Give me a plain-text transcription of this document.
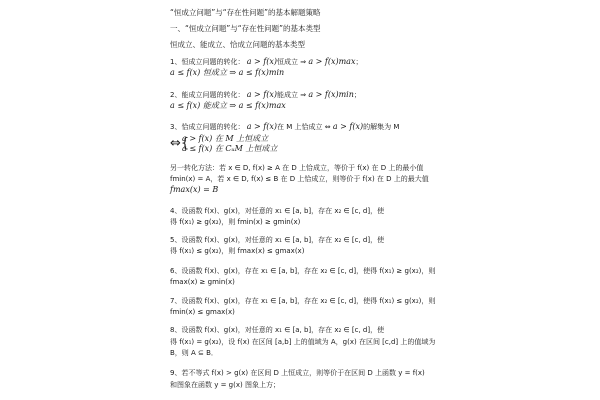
“恒成立问题”与“存在性问题”的基本解题策略
一、“恒成立问题”与“存在性问题”的基本类型
恒成立、能成立、恰成立问题的基本类型
1、恒成立问题的转化： a > f(x)恒成立 ⇒ a > f(x)max；
a ≤ f(x) 恒成立 ⇒ a ≤ f(x)min
2、能成立问题的转化： a > f(x)能成立 ⇒ a > f(x)min；
a ≤ f(x) 能成立 ⇒ a ≤ f(x)max
3、恰成立问题的转化： a > f(x)在 M 上恰成立 ⇔ a > f(x)的解集为 M
a > f(x) 在 M 上恒成立
a ≤ f(x) 在 CᵤM 上恒成立
⇔{
另一转化方法：若 x ∈ D, f(x) ≥ A 在 D 上恰成立，等价于 f(x) 在 D 上的最小值
fmin(x) = A，若 x ∈ D, f(x) ≤ B 在 D 上恰成立，则等价于 f(x) 在 D 上的最大值
fmax(x) = B
4、设函数 f(x)、g(x)，对任意的 x₁ ∈ [a, b]，存在 x₂ ∈ [c, d]，使
得 f(x₁) ≥ g(x₂)，则 fmin(x) ≥ gmin(x)
5、设函数 f(x)、g(x)，对任意的 x₁ ∈ [a, b]，存在 x₂ ∈ [c, d]，使
得 f(x₁) ≤ g(x₂)，则 fmax(x) ≤ gmax(x)
6、设函数 f(x)、g(x)，存在 x₁ ∈ [a, b]，存在 x₂ ∈ [c, d]，使得 f(x₁) ≥ g(x₂)，则
fmax(x) ≥ gmin(x)
7、设函数 f(x)、g(x)，存在 x₁ ∈ [a, b]，存在 x₂ ∈ [c, d]，使得 f(x₁) ≤ g(x₂)，则
fmin(x) ≤ gmax(x)
8、设函数 f(x)、g(x)，对任意的 x₁ ∈ [a, b]，存在 x₂ ∈ [c, d]，使
得 f(x₁) = g(x₂)，设 f(x) 在区间 [a,b] 上的值域为 A，g(x) 在区间 [c,d] 上的值域为
B，则 A ⊆ B．
9、若不等式 f(x) > g(x) 在区间 D 上恒成立，则等价于在区间 D 上函数 y = f(x)
和图象在函数 y = g(x) 图象上方；
